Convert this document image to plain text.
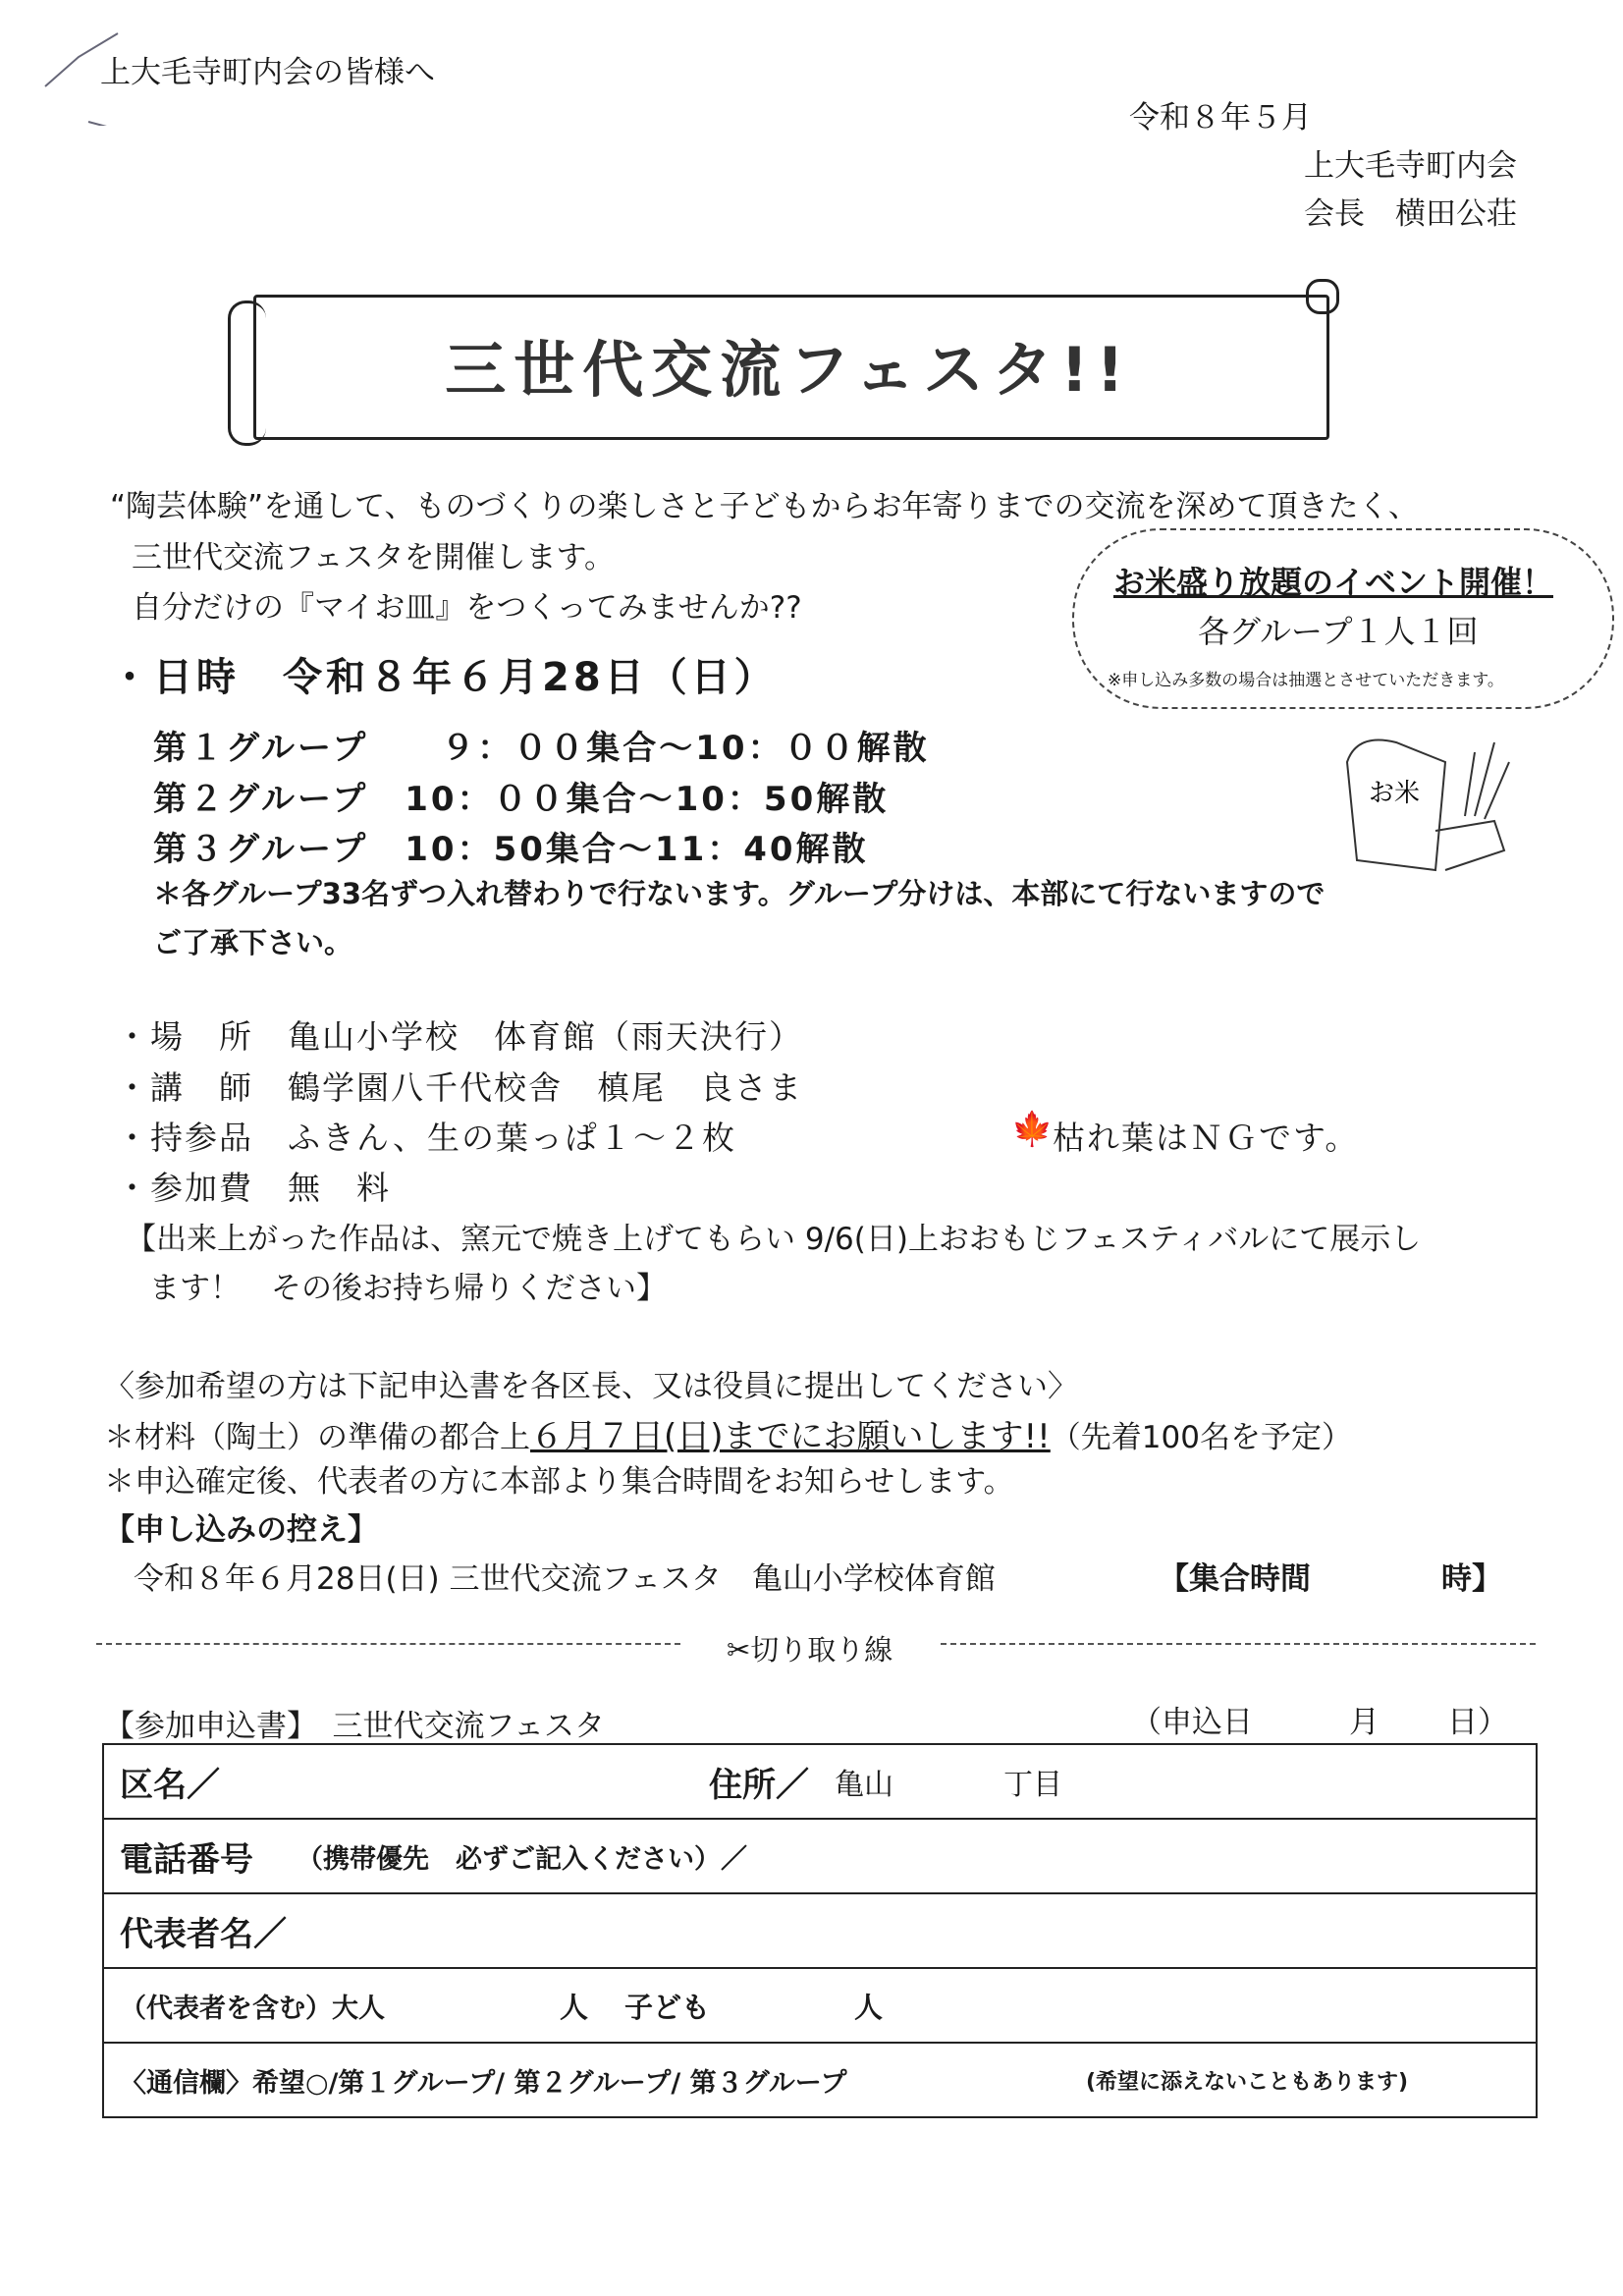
上大毛寺町内会の皆様へ
令和８年５月
上大毛寺町内会
会長　横田公荘
三世代交流フェスタ!!
“陶芸体験”を通して、ものづくりの楽しさと子どもからお年寄りまでの交流を深めて頂きたく、
三世代交流フェスタを開催します。
自分だけの『マイお皿』をつくってみませんか??
お米盛り放題のイベント開催！
各グループ１人１回
※申し込み多数の場合は抽選とさせていただきます。
お米
・日時　令和８年６月28日（日）
第１グループ　　９：００集合～10：００解散
第２グループ　10：００集合～10：50解散
第３グループ　10：50集合～11：40解散
＊各グループ33名ずつ入れ替わりで行ないます。グループ分けは、本部にて行ないますので
ご了承下さい。
・場　所　亀山小学校　体育館（雨天決行）
・講　師　鶴学園八千代校舎　槙尾　良さま
・持参品　ふきん、生の葉っぱ１～２枚	🍁 枯れ葉はＮＧです。
・参加費　無　料
【出来上がった作品は、窯元で焼き上げてもらい 9/6(日)上おおもじフェスティバルにて展示し
ます！　その後お持ち帰りください】
〈参加希望の方は下記申込書を各区長、又は役員に提出してください〉
＊材料（陶土）の準備の都合上６月７日(日)までにお願いします!!（先着100名を予定）
＊申込確定後、代表者の方に本部より集合時間をお知らせします。
【申し込みの控え】
令和８年６月28日(日) 三世代交流フェスタ　亀山小学校体育館	【集合時間	時】
✂切り取り線
【参加申込書】　三世代交流フェスタ	（申込日	月 日）
区名／	住所／ 亀山	丁目
電話番号 （携帯優先　必ずご記入ください）／
代表者名／
（代表者を含む）大人	人 子ども	人
〈通信欄〉希望○/第１グループ/ 第２グループ/ 第３グループ	(希望に添えないこともあります)
